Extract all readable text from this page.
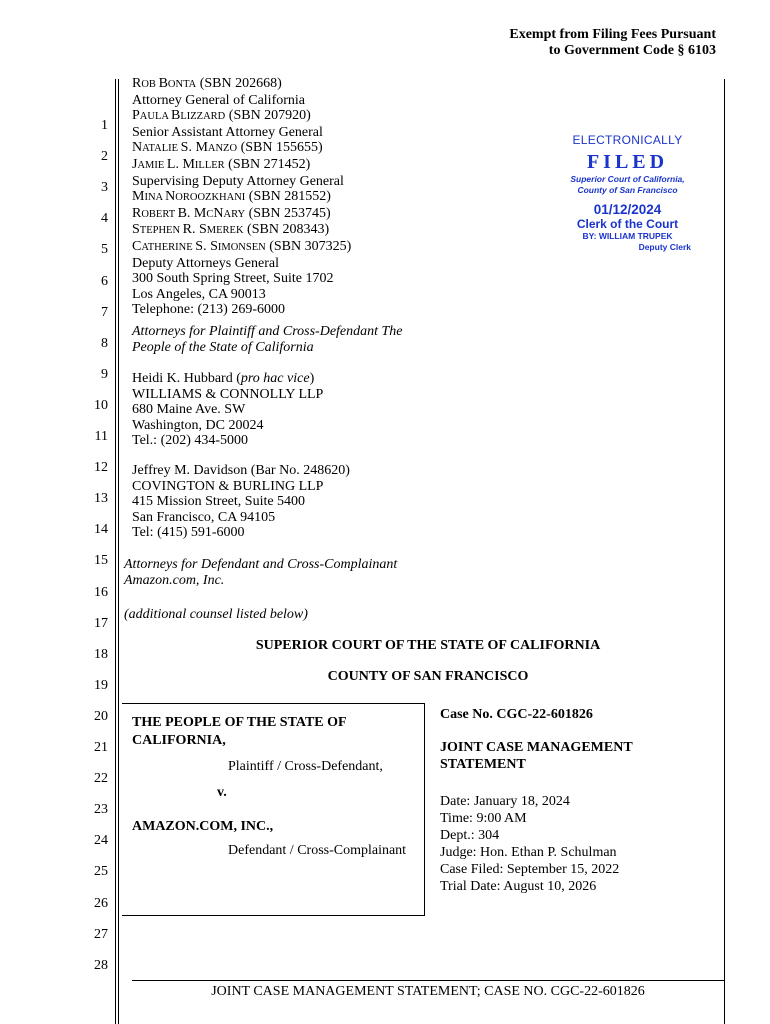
Exempt from Filing Fees Pursuant
to Government Code § 6103
1
2
3
4
5
6
7
8
9
10
11
12
13
14
15
16
17
18
19
20
21
22
23
24
25
26
27
28
ROB BONTA (SBN 202668)
Attorney General of California
PAULA BLIZZARD (SBN 207920)
Senior Assistant Attorney General
NATALIE S. MANZO (SBN 155655)
JAMIE L. MILLER (SBN 271452)
Supervising Deputy Attorney General
MINA NOROOZKHANI (SBN 281552)
ROBERT B. MCNARY (SBN 253745)
STEPHEN R. SMEREK (SBN 208343)
CATHERINE S. SIMONSEN (SBN 307325)
Deputy Attorneys General
300 South Spring Street, Suite 1702
Los Angeles, CA 90013
Telephone: (213) 269-6000
Attorneys for Plaintiff and Cross-Defendant The
People of the State of California
Heidi K. Hubbard (pro hac vice)
WILLIAMS & CONNOLLY LLP
680 Maine Ave. SW
Washington, DC 20024
Tel.: (202) 434-5000
Jeffrey M. Davidson (Bar No. 248620)
COVINGTON & BURLING LLP
415 Mission Street, Suite 5400
San Francisco, CA 94105
Tel: (415) 591-6000
Attorneys for Defendant and Cross-Complainant
Amazon.com, Inc.
(additional counsel listed below)
ELECTRONICALLY
FILED
Superior Court of California,
County of San Francisco
01/12/2024
Clerk of the Court
BY: WILLIAM TRUPEK
Deputy Clerk
SUPERIOR COURT OF THE STATE OF CALIFORNIA
COUNTY OF SAN FRANCISCO
THE PEOPLE OF THE STATE OF
CALIFORNIA,
Plaintiff / Cross-Defendant,
v.
AMAZON.COM, INC.,
Defendant / Cross-Complainant
Case No. CGC-22-601826
JOINT CASE MANAGEMENT
STATEMENT
Date: January 18, 2024
Time: 9:00 AM
Dept.: 304
Judge: Hon. Ethan P. Schulman
Case Filed: September 15, 2022
Trial Date: August 10, 2026
JOINT CASE MANAGEMENT STATEMENT; CASE NO. CGC-22-601826
